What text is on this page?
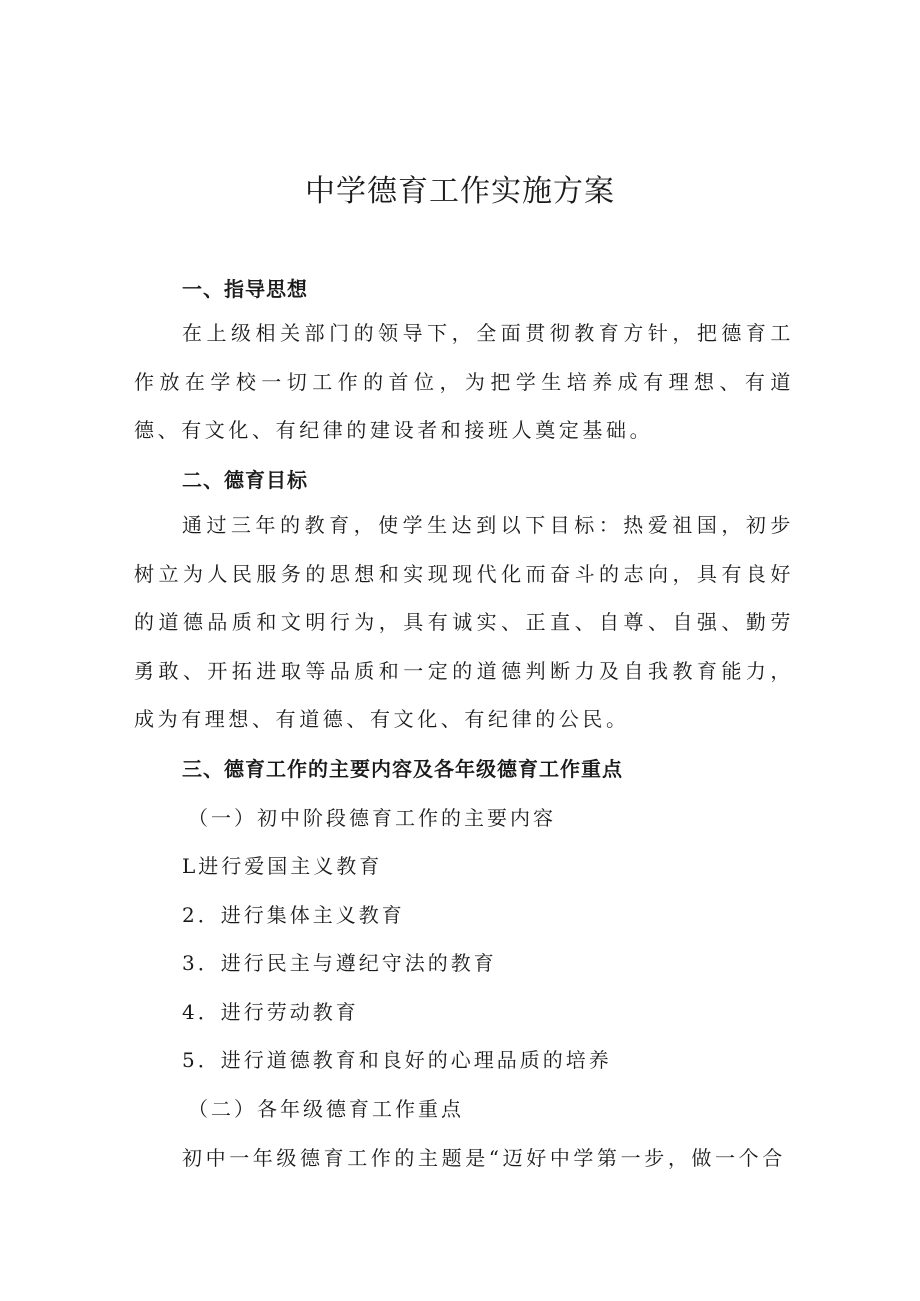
中学德育工作实施方案
一、指导思想

在上级相关部门的领导下，全面贯彻教育方针，把德育工作放在学校一切工作的首位，为把学生培养成有理想、有道德、有文化、有纪律的建设者和接班人奠定基础。

二、德育目标

通过三年的教育，使学生达到以下目标：热爱祖国，初步树立为人民服务的思想和实现现代化而奋斗的志向，具有良好的道德品质和文明行为，具有诚实、正直、自尊、自强、勤劳勇敢、开拓进取等品质和一定的道德判断力及自我教育能力，成为有理想、有道德、有文化、有纪律的公民。

三、德育工作的主要内容及各年级德育工作重点
（一）初中阶段德育工作的主要内容
L进行爱国主义教育
2．进行集体主义教育
3．进行民主与遵纪守法的教育
4．进行劳动教育
5．进行道德教育和良好的心理品质的培养
（二）各年级德育工作重点
初中一年级德育工作的主题是“迈好中学第一步，做一个合
